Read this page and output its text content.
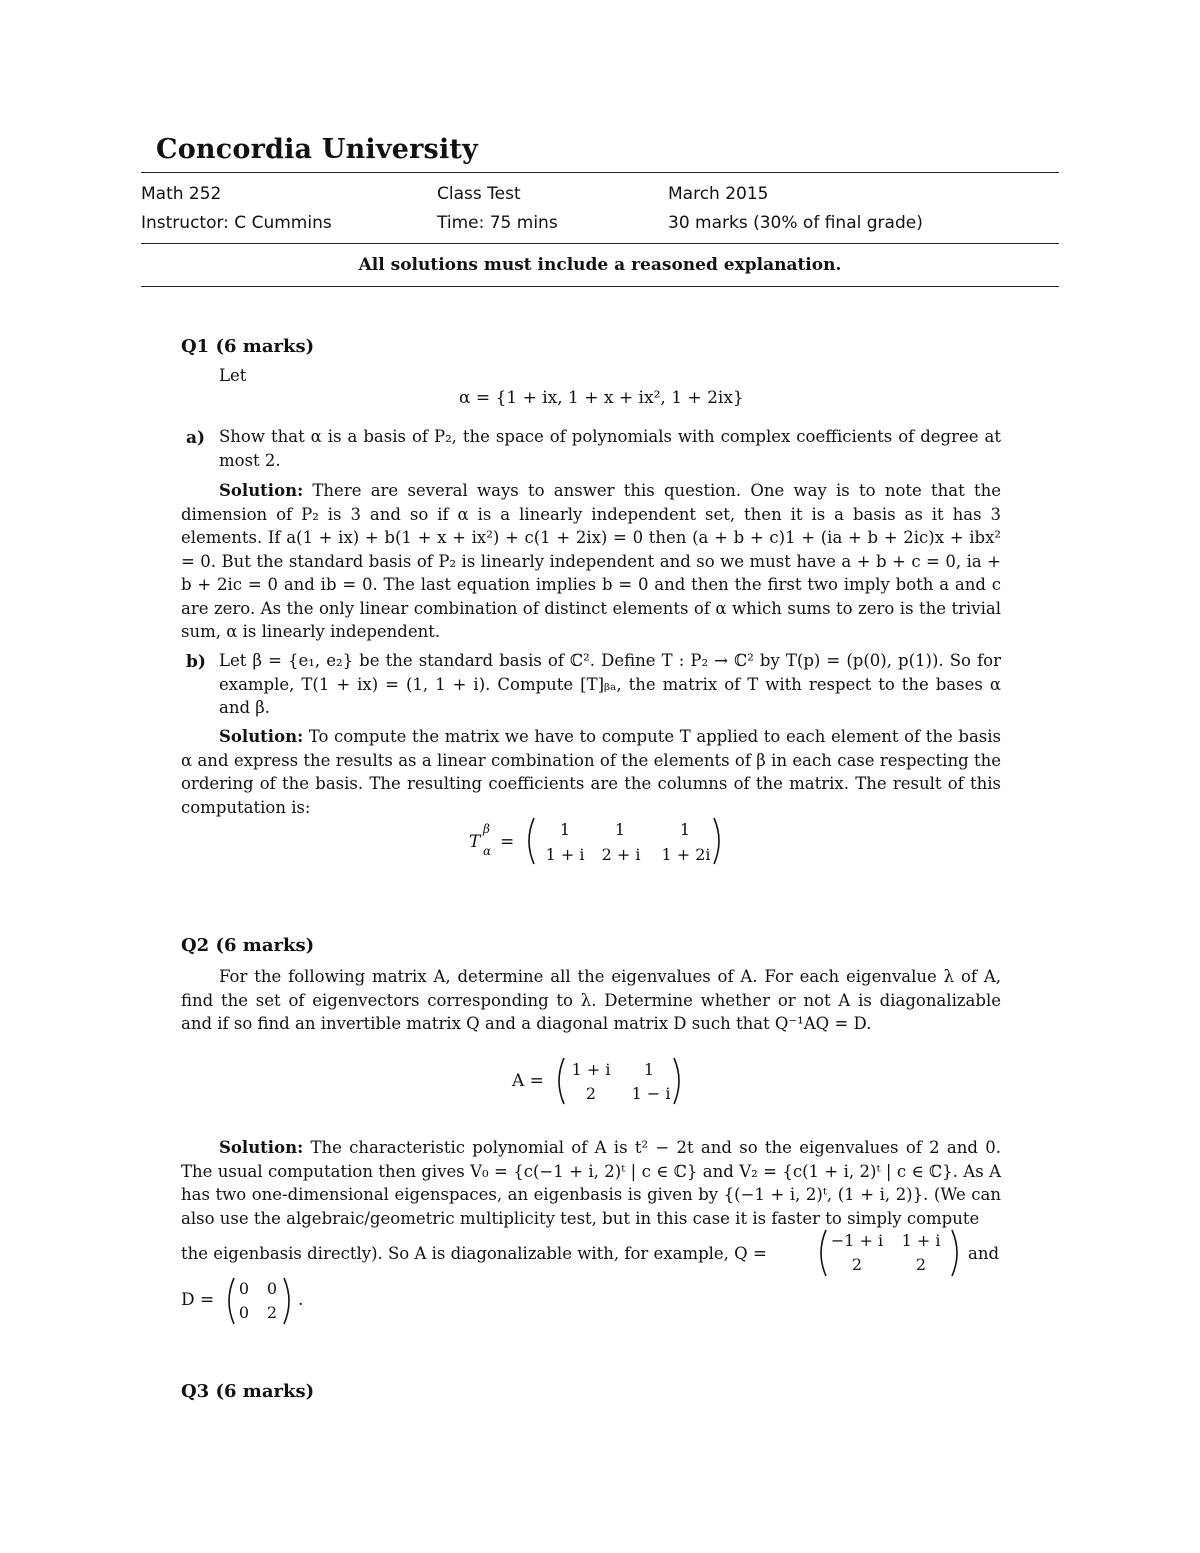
Concordia University
Math 252	Class Test	March 2015
Instructor: C Cummins	Time: 75 mins	30 marks (30% of final grade)
All solutions must include a reasoned explanation.
Q1 (6 marks)
Let
α = {1 + ix, 1 + x + ix², 1 + 2ix}
a) Show that α is a basis of P₂, the space of polynomials with complex coefficients of degree at most 2.
Solution: There are several ways to answer this question. One way is to note that the dimension of P₂ is 3 and so if α is a linearly independent set, then it is a basis as it has 3 elements. If a(1 + ix) + b(1 + x + ix²) + c(1 + 2ix) = 0 then (a + b + c)1 + (ia + b + 2ic)x + ibx² = 0. But the standard basis of P₂ is linearly independent and so we must have a + b + c = 0, ia + b + 2ic = 0 and ib = 0. The last equation implies b = 0 and then the first two imply both a and c are zero. As the only linear combination of distinct elements of α which sums to zero is the trivial sum, α is linearly independent.
b) Let β = {e₁, e₂} be the standard basis of ℂ². Define T : P₂ → ℂ² by T(p) = (p(0), p(1)). So for example, T(1 + ix) = (1, 1 + i). Compute [T]ᵦₐ, the matrix of T with respect to the bases α and β.
Solution: To compute the matrix we have to compute T applied to each element of the basis α and express the results as a linear combination of the elements of β in each case respecting the ordering of the basis. The resulting coefficients are the columns of the matrix. The result of this computation is:
T
β
α =
1	1	1
1 + i	2 + i	1 + 2i
Q2 (6 marks)
For the following matrix A, determine all the eigenvalues of A. For each eigenvalue λ of A, find the set of eigenvectors corresponding to λ. Determine whether or not A is diagonalizable and if so find an invertible matrix Q and a diagonal matrix D such that Q⁻¹AQ = D.
A =
1 + i	1
2	1 − i
Solution: The characteristic polynomial of A is t² − 2t and so the eigenvalues of 2 and 0. The usual computation then gives V₀ = {c(−1 + i, 2)ᵗ | c ∈ ℂ} and V₂ = {c(1 + i, 2)ᵗ | c ∈ ℂ}. As A has two one-dimensional eigenspaces, an eigenbasis is given by {(−1 + i, 2)ᵗ, (1 + i, 2)}. (We can also use the algebraic/geometric multiplicity test, but in this case it is faster to simply compute
the eigenbasis directly). So A is diagonalizable with, for example, Q =
−1 + i	1 + i
2	2
and
D =
0	0
0	2
.
Q3 (6 marks)
